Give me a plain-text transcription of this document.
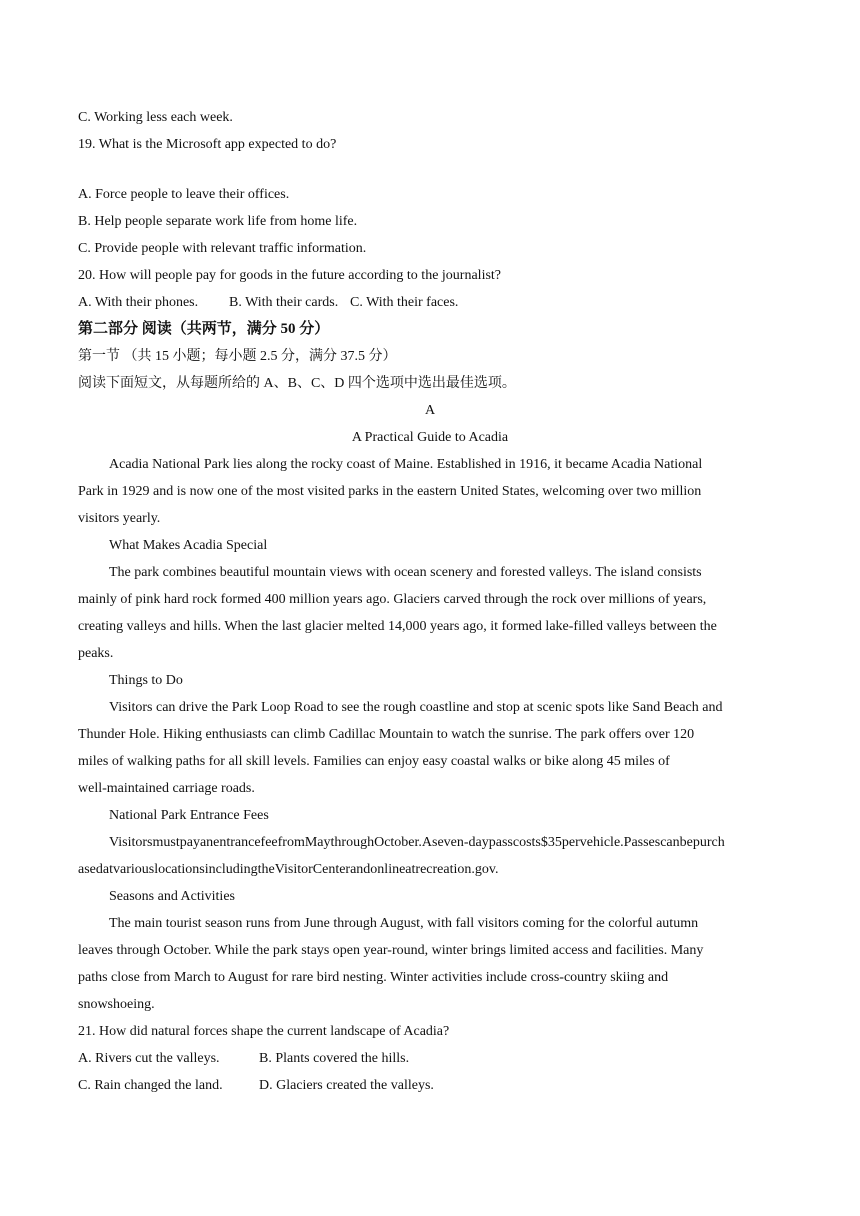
C. Working less each week.
19. What is the Microsoft app expected to do?
A. Force people to leave their offices.
B. Help people separate work life from home life.
C. Provide people with relevant traffic information.
20. How will people pay for goods in the future according to the journalist?
A. With their phones. B. With their cards. C. With their faces.
第二部分 阅读（共两节，满分 50 分）
第一节 （共 15 小题；每小题 2.5 分，满分 37.5 分）
阅读下面短文，从每题所给的 A、B、C、D 四个选项中选出最佳选项。
A
A Practical Guide to Acadia
Acadia National Park lies along the rocky coast of Maine. Established in 1916, it became Acadia National
Park in 1929 and is now one of the most visited parks in the eastern United States, welcoming over two million
visitors yearly.
What Makes Acadia Special
The park combines beautiful mountain views with ocean scenery and forested valleys. The island consists
mainly of pink hard rock formed 400 million years ago. Glaciers carved through the rock over millions of years,
creating valleys and hills. When the last glacier melted 14,000 years ago, it formed lake-filled valleys between the
peaks.
Things to Do
Visitors can drive the Park Loop Road to see the rough coastline and stop at scenic spots like Sand Beach and
Thunder Hole. Hiking enthusiasts can climb Cadillac Mountain to watch the sunrise. The park offers over 120
miles of walking paths for all skill levels. Families can enjoy easy coastal walks or bike along 45 miles of
well-maintained carriage roads.
National Park Entrance Fees
VisitorsmustpayanentrancefeefromMaythroughOctober.Aseven-daypasscosts$35pervehicle.Passescanbepurch
asedatvariouslocationsincludingtheVisitorCenterandonlineatrecreation.gov.
Seasons and Activities
The main tourist season runs from June through August, with fall visitors coming for the colorful autumn
leaves through October. While the park stays open year-round, winter brings limited access and facilities. Many
paths close from March to August for rare bird nesting. Winter activities include cross-country skiing and
snowshoeing.
21. How did natural forces shape the current landscape of Acadia?
A. Rivers cut the valleys.	B. Plants covered the hills.
C. Rain changed the land.	D. Glaciers created the valleys.
